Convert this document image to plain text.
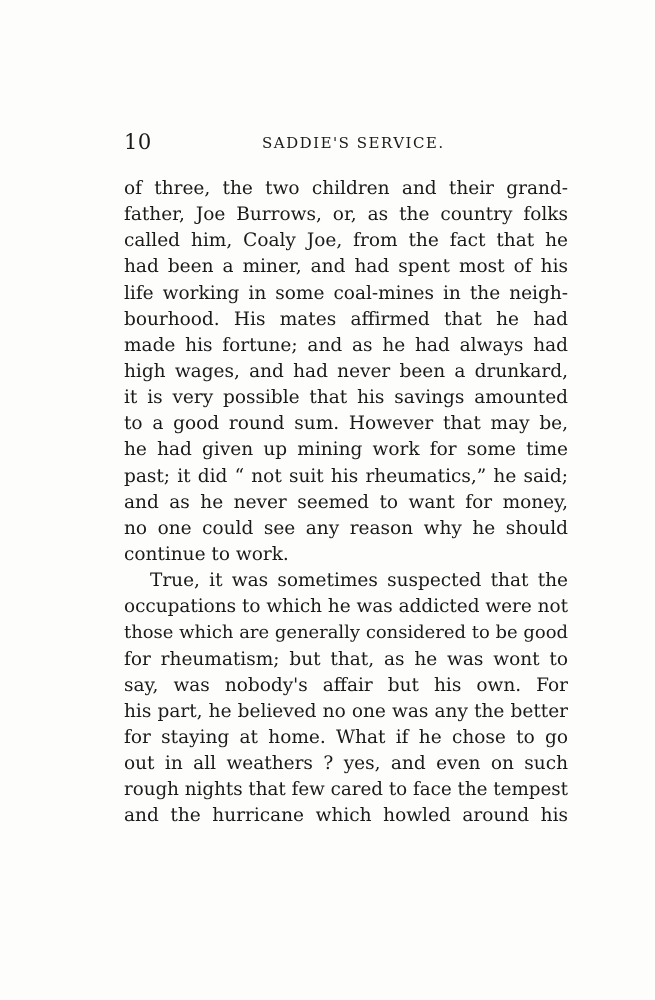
10	SADDIE'S SERVICE.
of three, the two children and their grand-
father, Joe Burrows, or, as the country folks
called him, Coaly Joe, from the fact that he
had been a miner, and had spent most of his
life working in some coal-mines in the neigh-
bourhood. His mates affirmed that he had
made his fortune; and as he had always had
high wages, and had never been a drunkard,
it is very possible that his savings amounted
to a good round sum. However that may be,
he had given up mining work for some time
past; it did “ not suit his rheumatics,” he said;
and as he never seemed to want for money,
no one could see any reason why he should
continue to work.
True, it was sometimes suspected that the
occupations to which he was addicted were not
those which are generally considered to be good
for rheumatism; but that, as he was wont to
say, was nobody's affair but his own. For
his part, he believed no one was any the better
for staying at home. What if he chose to go
out in all weathers ? yes, and even on such
rough nights that few cared to face the tempest
and the hurricane which howled around his
